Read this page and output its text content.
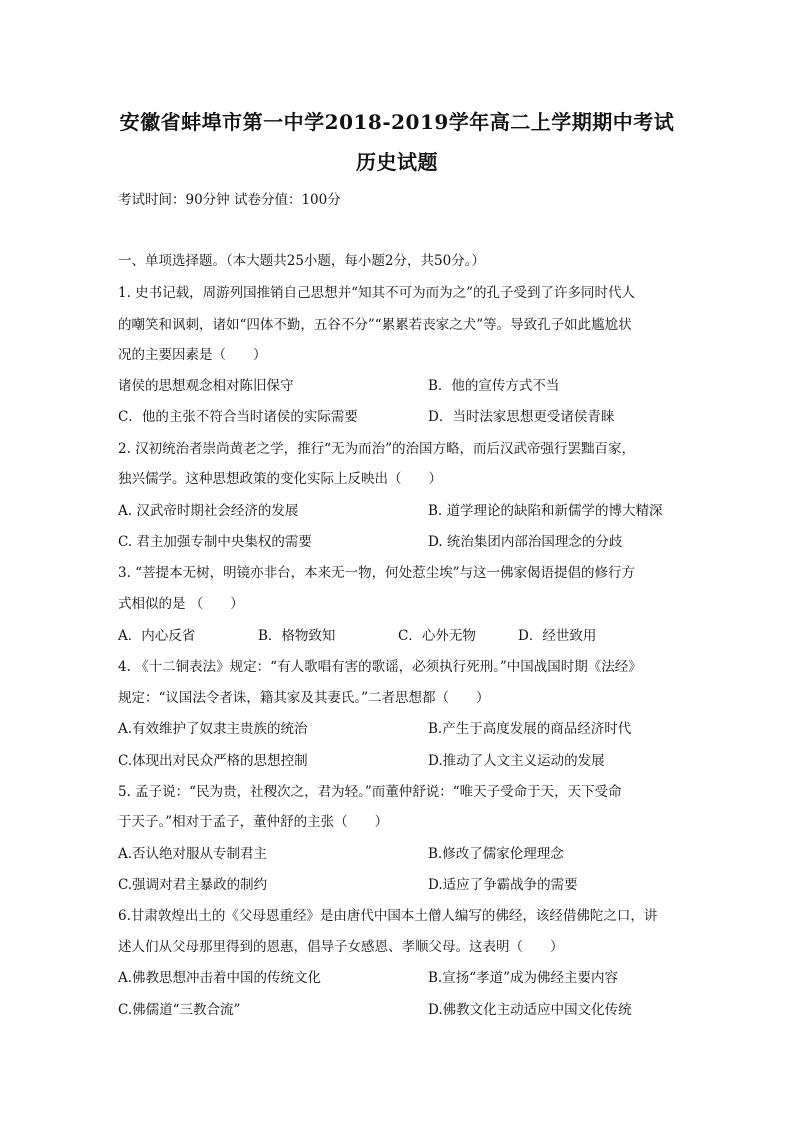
安徽省蚌埠市第一中学2018-2019学年高二上学期期中考试
历史试题
考试时间：90分钟 试卷分值：100分
一、单项选择题。（本大题共25小题，每小题2分，共50分。）
1. 史书记载，周游列国推销自己思想并“知其不可为而为之”的孔子受到了许多同时代人
的嘲笑和讽刺，诸如“四体不勤，五谷不分”“累累若丧家之犬”等。导致孔子如此尴尬状
况的主要因素是（　　）
诸侯的思想观念相对陈旧保守	B．他的宣传方式不当
C．他的主张不符合当时诸侯的实际需要	D．当时法家思想更受诸侯青睐
2. 汉初统治者崇尚黄老之学，推行“无为而治”的治国方略，而后汉武帝强行罢黜百家，
独兴儒学。这种思想政策的变化实际上反映出（　　）
A. 汉武帝时期社会经济的发展	B. 道学理论的缺陷和新儒学的博大精深
C. 君主加强专制中央集权的需要	D. 统治集团内部治国理念的分歧
3. “菩提本无树，明镜亦非台，本来无一物，何处惹尘埃”与这一佛家偈语提倡的修行方
式相似的是 （　　）
A．内心反省	B．格物致知	C．心外无物	D．经世致用
4. 《十二铜表法》规定：“有人歌唱有害的歌谣，必须执行死刑。”中国战国时期《法经》
规定：“议国法令者诛，籍其家及其妻氏。”二者思想都（　　）
A.有效维护了奴隶主贵族的统治	B.产生于高度发展的商品经济时代
C.体现出对民众严格的思想控制	D.推动了人文主义运动的发展
5. 孟子说：“民为贵，社稷次之，君为轻。”而董仲舒说：“唯天子受命于天，天下受命
于天子。”相对于孟子，董仲舒的主张（　　）
A.否认绝对服从专制君主	B.修改了儒家伦理理念
C.强调对君主暴政的制约	D.适应了争霸战争的需要
6.甘肃敦煌出土的《父母恩重经》是由唐代中国本土僧人编写的佛经，该经借佛陀之口，讲
述人们从父母那里得到的恩惠，倡导子女感恩、孝顺父母。这表明（　　）
A.佛教思想冲击着中国的传统文化	B.宣扬“孝道”成为佛经主要内容
C.佛儒道“三教合流”	D.佛教文化主动适应中国文化传统
